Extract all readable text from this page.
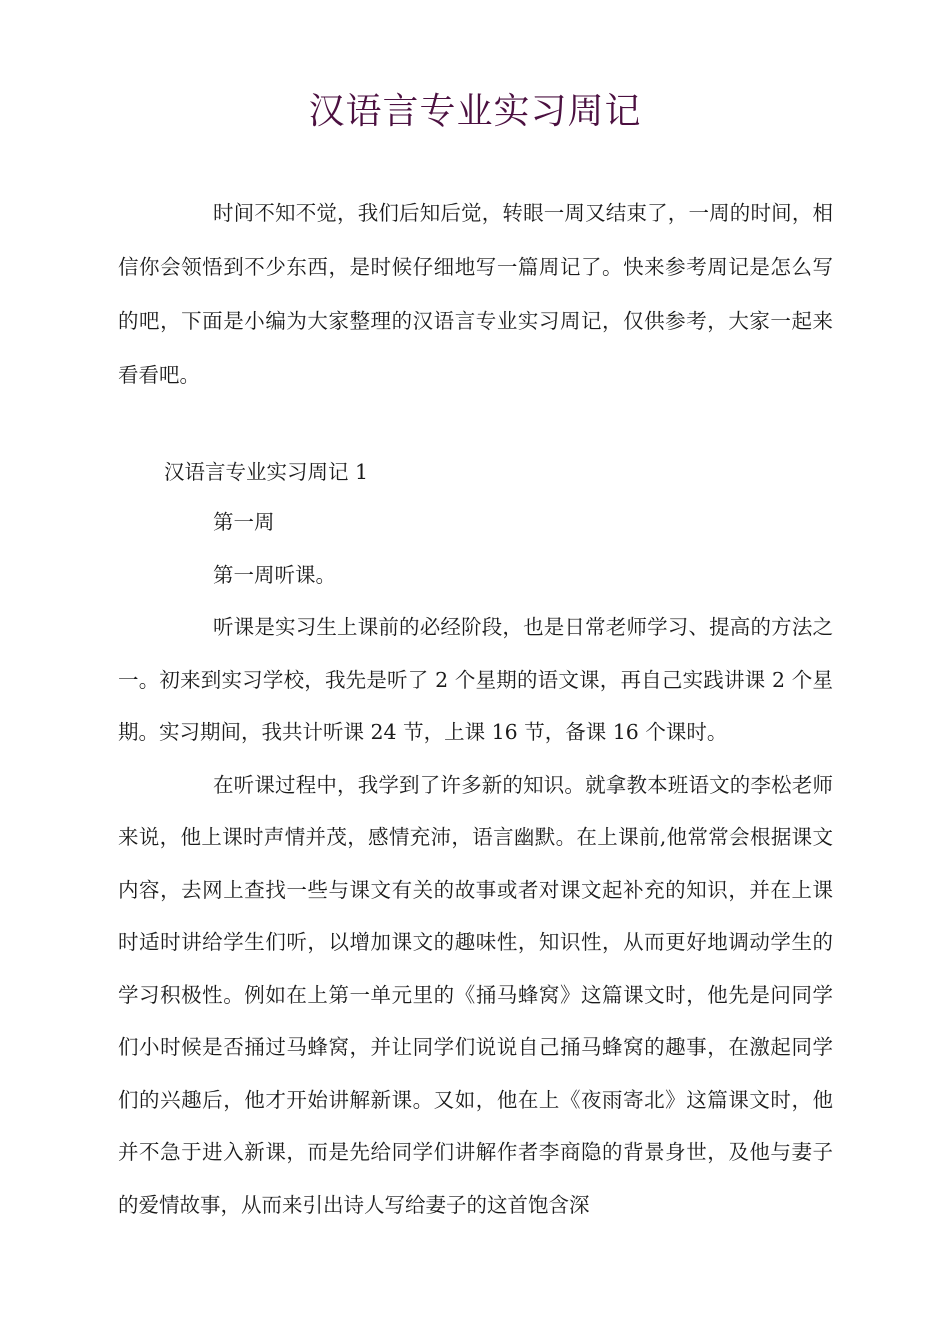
汉语言专业实习周记

时间不知不觉，我们后知后觉，转眼一周又结束了，一周的时间，相信你会领悟到不少东西，是时候仔细地写一篇周记了。快来参考周记是怎么写的吧，下面是小编为大家整理的汉语言专业实习周记，仅供参考，大家一起来看看吧。

汉语言专业实习周记 1

第一周

第一周听课。

听课是实习生上课前的必经阶段，也是日常老师学习、提高的方法之一。初来到实习学校，我先是听了 2 个星期的语文课，再自己实践讲课 2 个星期。实习期间，我共计听课 24 节，上课 16 节，备课 16 个课时。

在听课过程中，我学到了许多新的知识。就拿教本班语文的李松老师来说，他上课时声情并茂，感情充沛，语言幽默。在上课前,他常常会根据课文内容，去网上查找一些与课文有关的故事或者对课文起补充的知识，并在上课时适时讲给学生们听，以增加课文的趣味性，知识性，从而更好地调动学生的学习积极性。例如在上第一单元里的《捅马蜂窝》这篇课文时，他先是问同学们小时候是否捅过马蜂窝，并让同学们说说自己捅马蜂窝的趣事，在激起同学们的兴趣后，他才开始讲解新课。又如，他在上《夜雨寄北》这篇课文时，他并不急于进入新课，而是先给同学们讲解作者李商隐的背景身世，及他与妻子的爱情故事，从而来引出诗人写给妻子的这首饱含深
